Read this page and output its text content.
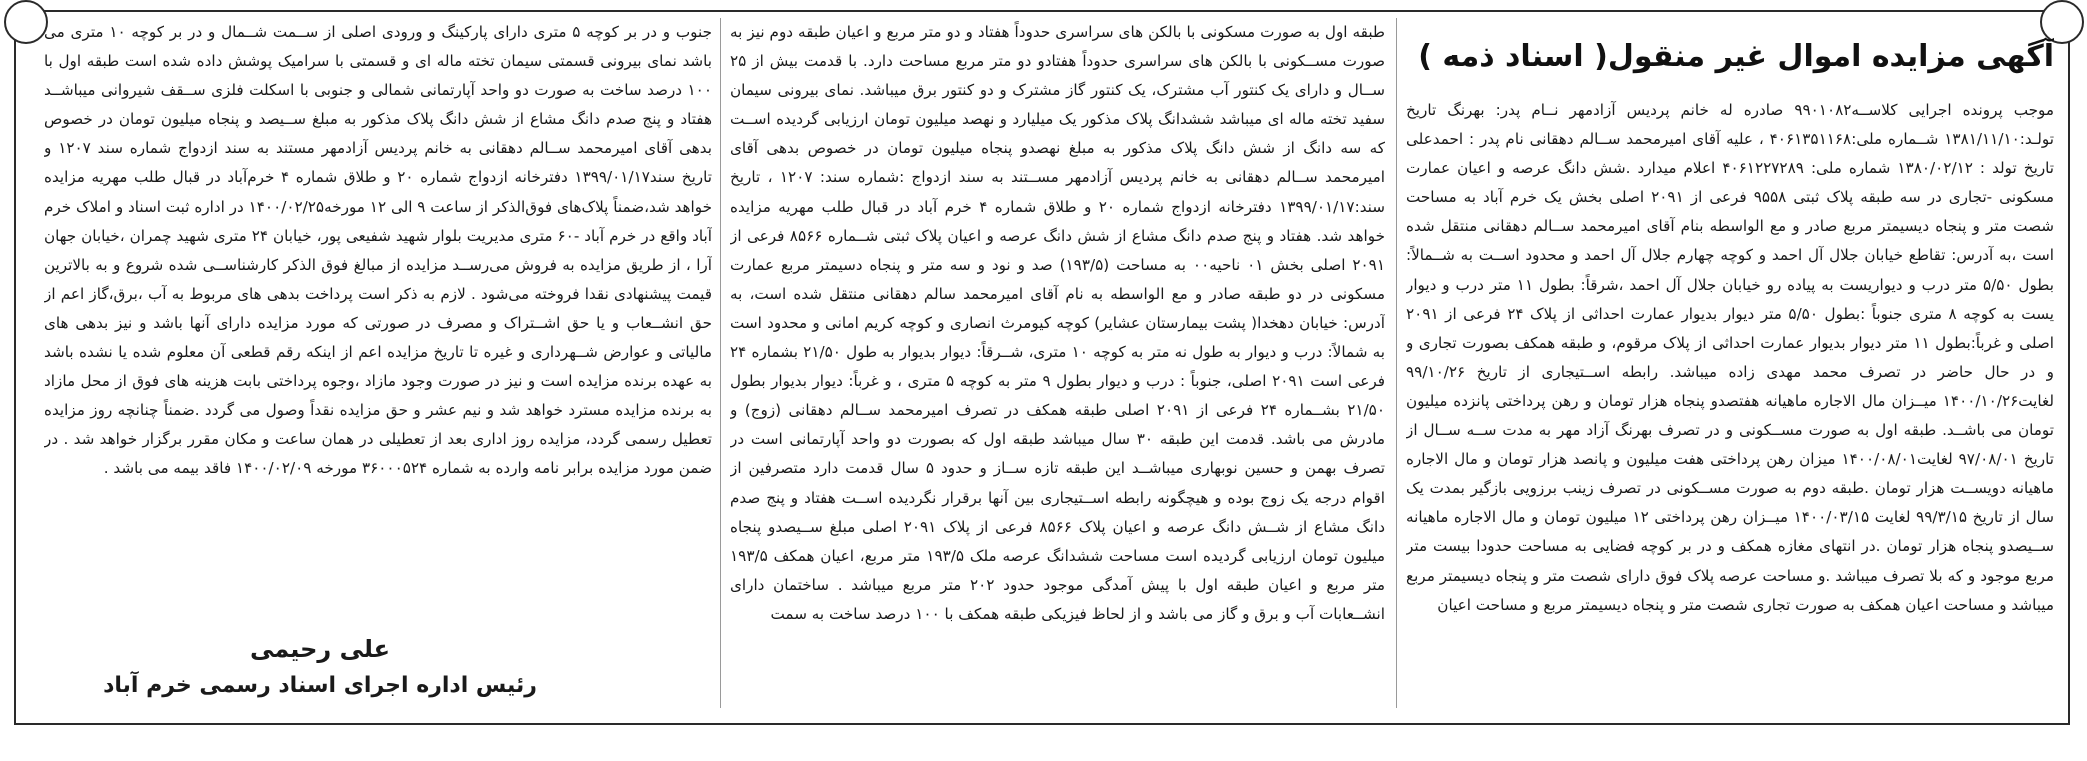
آگهی مزایده اموال غیر منقول( اسناد ذمه )

موجب پرونده اجرایی کلاســه۹۹۰۱۰۸۲ صادره له خانم پردیس آزادمهر نــام پدر: بهرنگ تاریخ تولـد:۱۳۸۱/۱۱/۱۰ شــماره ملی:۴۰۶۱۳۵۱۱۶۸ ، علیه آقای امیرمحمد ســالم دهقانی نام پدر : احمدعلی تاریخ تولد : ۱۳۸۰/۰۲/۱۲ شماره ملی: ۴۰۶۱۲۲۷۲۸۹ اعلام میدارد .شش دانگ عرصه و اعیان عمارت مسکونی -تجاری در سه طبقه پلاک ثبتی ۹۵۵۸ فرعی از ۲۰۹۱ اصلی بخش یک خرم آباد به مساحت شصت متر و پنجاه دیسیمتر مربع صادر و مع الواسطه بنام آقای امیرمحمد ســالم دهقانی منتقل شده است ،به آدرس: تقاطع خیابان جلال آل احمد و کوچه چهارم جلال آل احمد و محدود اســت به شــمالاً: بطول ۵/۵۰ متر درب و دیواریست به پیاده رو خیابان جلال آل احمد ،شرقاً: بطول ۱۱ متر درب و دیوار یست به کوچه ۸ متری جنوباً :بطول ۵/۵۰ متر دیوار بدیوار عمارت احداثی از پلاک ۲۴ فرعی از ۲۰۹۱ اصلی و غرباً:بطول ۱۱ متر دیوار بدیوار عمارت احداثی از پلاک مرقوم، و طبقه همکف بصورت تجاری و و در حال حاضر در تصرف محمد مهدی زاده میباشد. رابطه اســتیجاری از تاریخ ۹۹/۱۰/۲۶ لغایت۱۴۰۰/۱۰/۲۶ میــزان مال الاجاره ماهیانه هفتصدو پنجاه هزار تومان و رهن پرداختی پانزده میلیون تومان می باشــد. طبقه اول به صورت مســکونی و در تصرف بهرنگ آزاد مهر به مدت ســه ســال از تاریخ ۹۷/۰۸/۰۱ لغایت۱۴۰۰/۰۸/۰۱ میزان رهن پرداختی هفت میلیون و پانصد هزار تومان و مال الاجاره ماهیانه دویســت هزار تومان .طبقه دوم به صورت مســکونی در تصرف زینب برزویی بازگیر بمدت یک سال از تاریخ ۹۹/۳/۱۵ لغایت ۱۴۰۰/۰۳/۱۵ میــزان رهن پرداختی ۱۲ میلیون تومان و مال الاجاره ماهیانه ســیصدو پنجاه هزار تومان .در انتهای مغازه همکف و در بر کوچه فضایی به مساحت حدودا بیست متر مربع موجود و که بلا تصرف میباشد .و مساحت عرصه پلاک فوق دارای شصت متر و پنجاه دیسیمتر مربع میباشد و مساحت اعیان همکف به صورت تجاری شصت متر و پنجاه دیسیمتر مربع و مساحت اعیان

طبقه اول به صورت مسکونی با بالکن های سراسری حدوداً هفتاد و دو متر مربع و اعیان طبقه دوم نیز به صورت مســکونی با بالکن های سراسری حدوداً هفتادو دو متر مربع مساحت دارد. با قدمت بیش از ۲۵ ســال و دارای یک کنتور آب مشترک، یک کنتور گاز مشترک و دو کنتور برق میباشد. نمای بیرونی سیمان سفید تخته ماله ای میباشد ششدانگ پلاک مذکور یک میلیارد و نهصد میلیون تومان ارزیابی گردیده اســت که سه دانگ از شش دانگ پلاک مذکور به مبلغ نهصدو پنجاه میلیون تومان در خصوص بدهی آقای امیرمحمد ســالم دهقانی به خانم پردیس آزادمهر مســتند به سند ازدواج :شماره سند: ۱۲۰۷ ، تاریخ سند:۱۳۹۹/۰۱/۱۷ دفترخانه ازدواج شماره ۲۰ و طلاق شماره ۴ خرم آباد در قبال طلب مهریه مزایده خواهد شد. هفتاد و پنج صدم دانگ مشاع از شش دانگ عرصه و اعیان پلاک ثبتی شــماره ۸۵۶۶ فرعی از ۲۰۹۱ اصلی بخش ۰۱ ناحیه۰۰ به مساحت (۱۹۳/۵) صد و نود و سه متر و پنجاه دسیمتر مربع عمارت مسکونی در دو طبقه صادر و مع الواسطه به نام آقای امیرمحمد سالم دهقانی منتقل شده است، به آدرس: خیابان دهخدا( پشت بیمارستان عشایر) کوچه کیومرث انصاری و کوچه کریم امانی و محدود است به شمالاً: درب و دیوار به طول نه متر به کوچه ۱۰ متری، شــرقاً: دیوار بدیوار به طول ۲۱/۵۰ بشماره ۲۴ فرعی است ۲۰۹۱ اصلی، جنوباً : درب و دیوار بطول ۹ متر به کوچه ۵ متری ، و غرباً: دیوار بدیوار بطول ۲۱/۵۰ بشــماره ۲۴ فرعی از ۲۰۹۱ اصلی طبقه همکف در تصرف امیرمحمد ســالم دهقانی (زوج) و مادرش می باشد. قدمت این طبقه ۳۰ سال میباشد طبقه اول که بصورت دو واحد آپارتمانی است در تصرف بهمن و حسین نوبهاری میباشــد این طبقه تازه ســاز و حدود ۵ سال قدمت دارد متصرفین از اقوام درجه یک زوج بوده و هیچگونه رابطه اســتیجاری بین آنها برقرار نگردیده اســت هفتاد و پنج صدم دانگ مشاع از شــش دانگ عرصه و اعیان پلاک ۸۵۶۶ فرعی از پلاک ۲۰۹۱ اصلی مبلغ ســیصدو پنجاه میلیون تومان ارزیابی گردیده است مساحت ششدانگ عرصه ملک ۱۹۳/۵ متر مربع، اعیان همکف ۱۹۳/۵ متر مربع و اعیان طبقه اول با پیش آمدگی موجود حدود ۲۰۲ متر مربع میباشد . ساختمان دارای انشــعابات آب و برق و گاز می باشد و از لحاظ فیزیکی طبقه همکف با ۱۰۰ درصد ساخت به سمت

جنوب و در بر کوچه ۵ متری دارای پارکینگ و ورودی اصلی از ســمت شــمال و در بر کوچه ۱۰ متری می باشد نمای بیرونی قسمتی سیمان تخته ماله ای و قسمتی با سرامیک پوشش داده شده است طبقه اول با ۱۰۰ درصد ساخت به صورت دو واحد آپارتمانی شمالی و جنوبی با اسکلت فلزی ســقف شیروانی میباشــد هفتاد و پنج صدم دانگ مشاع از شش دانگ پلاک مذکور به مبلغ ســیصد و پنجاه میلیون تومان در خصوص بدهی آقای امیرمحمد ســالم دهقانی به خانم پردیس آزادمهر مستند به سند ازدواج شماره سند ۱۲۰۷ و تاریخ سند۱۳۹۹/۰۱/۱۷ دفترخانه ازدواج شماره ۲۰ و طلاق شماره ۴ خرم‌آباد در قبال طلب مهریه مزایده خواهد شد،ضمناً پلاک‌های فوق‌الذکر از ساعت ۹ الی ۱۲ مورخه۱۴۰۰/۰۲/۲۵ در اداره ثبت اسناد و املاک خرم آباد واقع در خرم آباد -۶۰ متری مدیریت بلوار شهید شفیعی پور، خیابان ۲۴ متری شهید چمران ،خیابان جهان آرا ، از طریق مزایده به فروش می‌رســد مزایده از مبالغ فوق الذکر کارشناســی شده شروع و به بالاترین قیمت پیشنهادی نقدا فروخته می‌شود . لازم به ذکر است پرداخت بدهی های مربوط به آب ،برق،گاز اعم از حق انشــعاب و یا حق اشــتراک و مصرف در صورتی که مورد مزایده دارای آنها باشد و نیز بدهی های مالیاتی و عوارض شــهرداری و غیره تا تاریخ مزایده اعم از اینکه رقم قطعی آن معلوم شده یا نشده باشد به عهده برنده مزایده است و نیز در صورت وجود مازاد ،وجوه پرداختی بابت هزینه های فوق از محل مازاد به برنده مزایده مسترد خواهد شد و نیم عشر و حق مزایده نقداً وصول می گردد .ضمناً چنانچه روز مزایده تعطیل رسمی گردد، مزایده روز اداری بعد از تعطیلی در همان ساعت و مکان مقرر برگزار خواهد شد . در ضمن مورد مزایده برابر نامه وارده به شماره ۳۶۰۰۰۵۲۴ مورخه ۱۴۰۰/۰۲/۰۹ فاقد بیمه می باشد .

علی رحیمی
رئیس اداره اجرای اسناد رسمی خرم آباد
